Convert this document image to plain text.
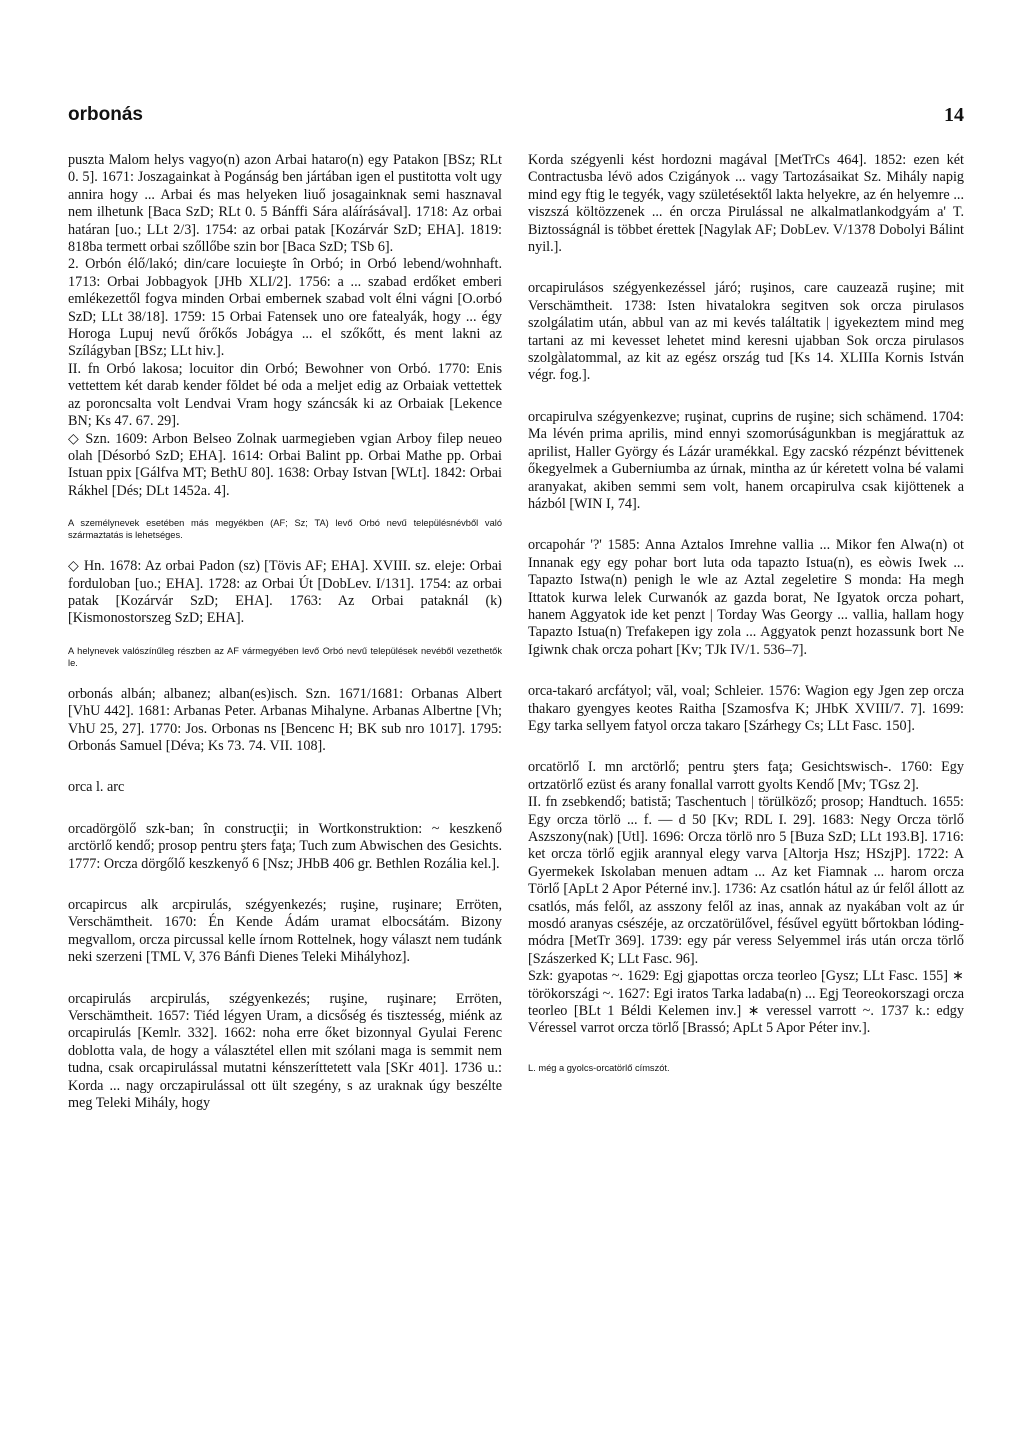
orbonás	14

puszta Malom helys vagyo(n) azon Arbai hataro(n) egy Patakon [BSz; RLt 0. 5]. 1671: Joszagainkat à Pogánság ben jártában igen el pustitotta volt ugy annira hogy ... Arbai és mas helyeken liuő josagainknak semi hasznaval nem ilhetunk [Baca SzD; RLt 0. 5 Bánffi Sára aláírásával]. 1718: Az orbai határan [uo.; LLt 2/3]. 1754: az orbai patak [Kozárvár SzD; EHA]. 1819: 818ba termett orbai szőllőbe szin bor [Baca SzD; TSb 6].

2. Orbón élő/lakó; din/care locuieşte în Orbó; in Orbó lebend/wohnhaft. 1713: Orbai Jobbagyok [JHb XLI/2]. 1756: a ... szabad erdőket emberi emlékezettől fogva minden Orbai embernek szabad volt élni vágni [O.orbó SzD; LLt 38/18]. 1759: 15 Orbai Fatensek uno ore fatealyák, hogy ... égy Horoga Lupuj nevű őrőkős Jobágya ... el szőkőtt, és ment lakni az Szílágyban [BSz; LLt hiv.].

II. fn Orbó lakosa; locuitor din Orbó; Bewohner von Orbó. 1770: Enis vettettem két darab kender fŏldet bé oda a meljet edig az Orbaiak vettettek az poroncsalta volt Lendvai Vram hogy száncsák ki az Orbaiak [Lekence BN; Ks 47. 67. 29].

◇ Szn. 1609: Arbon Belseo Zolnak uarmegieben vgian Arboy filep neueo olah [Désorbó SzD; EHA]. 1614: Orbai Balint pp. Orbai Mathe pp. Orbai Istuan ppix [Gálfva MT; BethU 80]. 1638: Orbay Istvan [WLt]. 1842: Orbai Rákhel [Dés; DLt 1452a. 4].

A személynevek esetében más megyékben (AF; Sz; TA) levő Orbó nevű településnévből való származtatás is lehetséges.

◇ Hn. 1678: Az orbai Padon (sz) [Tövis AF; EHA]. XVIII. sz. eleje: Orbai forduloban [uo.; EHA]. 1728: az Orbai Út [DobLev. I/131]. 1754: az orbai patak [Kozárvár SzD; EHA]. 1763: Az Orbai pataknál (k) [Kismonostorszeg SzD; EHA].

A helynevek valószínűleg részben az AF vármegyében levő Orbó nevű települések nevéből vezethetők le.

orbonás albán; albanez; alban(es)isch. Szn. 1671/1681: Orbanas Albert [VhU 442]. 1681: Arbanas Peter. Arbanas Mihalyne. Arbanas Albertne [Vh; VhU 25, 27]. 1770: Jos. Orbonas ns [Bencenc H; BK sub nro 1017]. 1795: Orbonás Samuel [Déva; Ks 73. 74. VII. 108].

orca l. arc

orcadörgölő szk-ban; în construcţii; in Wortkonstruktion: ~ keszkenő arctörlő kendő; prosop pentru şters faţa; Tuch zum Abwischen des Gesichts. 1777: Orcza dörgőlő keszkenyő 6 [Nsz; JHbB 406 gr. Bethlen Rozália kel.].

orcapircus alk arcpirulás, szégyenkezés; ruşine, ruşinare; Erröten, Verschämtheit. 1670: Én Kende Ádám uramat elbocsátám. Bizony megvallom, orcza pircussal kelle írnom Rottelnek, hogy választ nem tudánk neki szerzeni [TML V, 376 Bánfi Dienes Teleki Mihályhoz].

orcapirulás arcpirulás, szégyenkezés; ruşine, ruşinare; Erröten, Verschämtheit. 1657: Tiéd légyen Uram, a dicsőség és tisztesség, miénk az orcapirulás [Kemlr. 332]. 1662: noha erre őket bizonnyal Gyulai Ferenc doblotta vala, de hogy a választétel ellen mit szólani maga is semmit nem tudna, csak orcapirulással mutatni kénszeríttetett vala [SKr 401]. 1736 u.: Korda ... nagy orczapirulással ott ült szegény, s az uraknak úgy beszélte meg Teleki Mihály, hogy

Korda szégyenli kést hordozni magával [MetTrCs 464]. 1852: ezen két Contractusba lévö ados Czigányok ... vagy Tartozásaikat Sz. Mihály napig mind egy ftig le tegyék, vagy születésektől lakta helyekre, az én helyemre ... viszszá költözzenek ... én orcza Pirulással ne alkalmatlankodgyám a' T. Biztosságnál is többet érettek [Nagylak AF; DobLev. V/1378 Dobolyi Bálint nyil.].

orcapirulásos szégyenkezéssel járó; ruşinos, care cauzează ruşine; mit Verschämtheit. 1738: Isten hivatalokra segitven sok orcza pirulasos szolgálatim után, abbul van az mi kevés találtatik | igyekeztem mind meg tartani az mi kevesset lehetet mind keresni ujabban Sok orcza pirulasos szolgàlatommal, az kit az egész ország tud [Ks 14. XLIIIa Kornis István végr. fog.].

orcapirulva szégyenkezve; ruşinat, cuprins de ruşine; sich schämend. 1704: Ma lévén prima aprilis, mind ennyi szomorúságunkban is megjárattuk az aprilist, Haller György és Lázár uramékkal. Egy zacskó rézpénzt bévittenek őkegyelmek a Guberniumba az úrnak, mintha az úr kéretett volna bé valami aranyakat, akiben semmi sem volt, hanem orcapirulva csak kijöttenek a házból [WIN I, 74].

orcapohár '?' 1585: Anna Aztalos Imrehne vallia ... Mikor fen Alwa(n) ot Innanak egy egy pohar bort luta oda tapazto Istua(n), es eòwis Iwek ... Tapazto Istwa(n) penigh le wle az Aztal zegeletire S monda: Ha megh Ittatok kurwa lelek Curwanók az gazda borat, Ne Igyatok orcza pohart, hanem Aggyatok ide ket penzt | Torday Was Georgy ... vallia, hallam hogy Tapazto Istua(n) Trefakepen igy zola ... Aggyatok penzt hozassunk bort Ne Igiwnk chak orcza pohart [Kv; TJk IV/1. 536–7].

orca-takaró arcfátyol; văl, voal; Schleier. 1576: Wagion egy Jgen zep orcza thakaro gyengyes keotes Raitha [Szamosfva K; JHbK XVIII/7. 7]. 1699: Egy tarka sellyem fatyol orcza takaro [Szárhegy Cs; LLt Fasc. 150].

orcatörlő I. mn arctörlő; pentru şters faţa; Gesichtswisch-. 1760: Egy ortzatörlő ezüst és arany fonallal varrott gyolts Kendő [Mv; TGsz 2].

II. fn zsebkendő; batistă; Taschentuch | törülköző; prosop; Handtuch. 1655: Egy orcza törlö ... f. — d 50 [Kv; RDL I. 29]. 1683: Negy Orcza törlő Aszszony(nak) [Utl]. 1696: Orcza törlö nro 5 [Buza SzD; LLt 193.B]. 1716: ket orcza törlő egjik arannyal elegy varva [Altorja Hsz; HSzjP]. 1722: A Gyermekek Iskolaban menuen adtam ... Az ket Fiamnak ... harom orcza Törlő [ApLt 2 Apor Péterné inv.]. 1736: Az csatlón hátul az úr felől állott az csatlós, más felől, az asszony felől az inas, annak az nyakában volt az úr mosdó aranyas csészéje, az orczatörülővel, fésűvel együtt bőrtokban lóding-módra [MetTr 369]. 1739: egy pár veress Selyemmel irás után orcza törlő [Szászerked K; LLt Fasc. 96].

Szk: gyapotas ~. 1629: Egj gjapottas orcza teorleo [Gysz; LLt Fasc. 155] ∗ törökországi ~. 1627: Egi iratos Tarka ladaba(n) ... Egj Teoreokorszagi orcza teorleo [BLt 1 Béldi Kelemen inv.] ∗ veressel varrott ~. 1737 k.: edgy Véressel varrot orcza törlő [Brassó; ApLt 5 Apor Péter inv.].

L. még a gyolcs-orcatörlő címszót.
